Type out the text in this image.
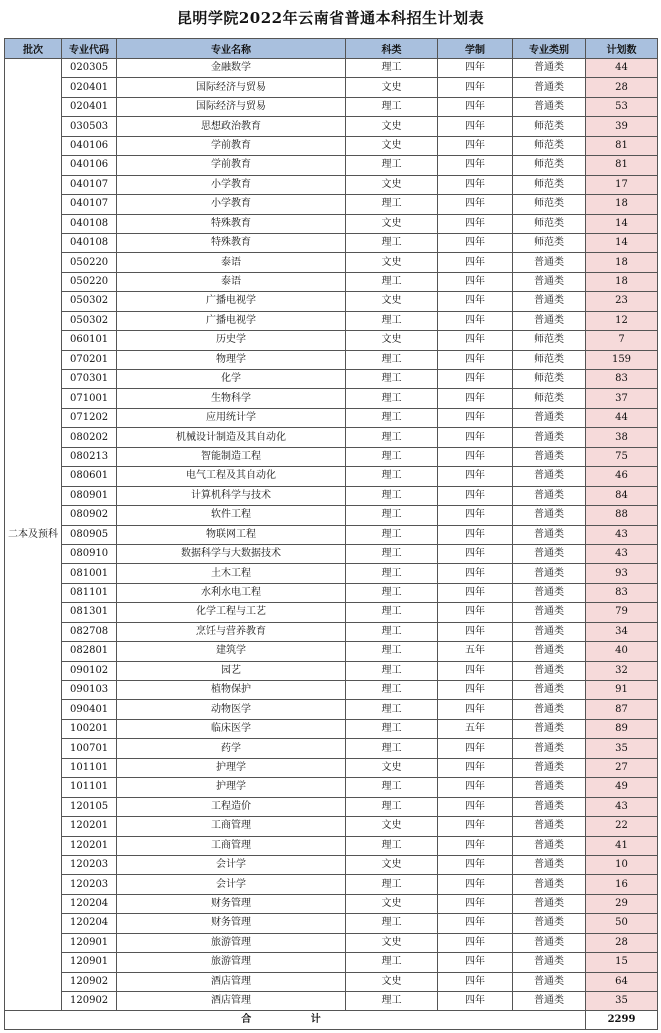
昆明学院2022年云南省普通本科招生计划表
批次	专业代码	专业名称	科类	学制	专业类别	计划数
二本及预科	020305	金融数学	理工	四年	普通类	44
	020401	国际经济与贸易	文史	四年	普通类	28
	020401	国际经济与贸易	理工	四年	普通类	53
	030503	思想政治教育	文史	四年	师范类	39
	040106	学前教育	文史	四年	师范类	81
	040106	学前教育	理工	四年	师范类	81
	040107	小学教育	文史	四年	师范类	17
	040107	小学教育	理工	四年	师范类	18
	040108	特殊教育	文史	四年	师范类	14
	040108	特殊教育	理工	四年	师范类	14
	050220	泰语	文史	四年	普通类	18
	050220	泰语	理工	四年	普通类	18
	050302	广播电视学	文史	四年	普通类	23
	050302	广播电视学	理工	四年	普通类	12
	060101	历史学	文史	四年	师范类	7
	070201	物理学	理工	四年	师范类	159
	070301	化学	理工	四年	师范类	83
	071001	生物科学	理工	四年	师范类	37
	071202	应用统计学	理工	四年	普通类	44
	080202	机械设计制造及其自动化	理工	四年	普通类	38
	080213	智能制造工程	理工	四年	普通类	75
	080601	电气工程及其自动化	理工	四年	普通类	46
	080901	计算机科学与技术	理工	四年	普通类	84
	080902	软件工程	理工	四年	普通类	88
	080905	物联网工程	理工	四年	普通类	43
	080910	数据科学与大数据技术	理工	四年	普通类	43
	081001	土木工程	理工	四年	普通类	93
	081101	水利水电工程	理工	四年	普通类	83
	081301	化学工程与工艺	理工	四年	普通类	79
	082708	烹饪与营养教育	理工	四年	普通类	34
	082801	建筑学	理工	五年	普通类	40
	090102	园艺	理工	四年	普通类	32
	090103	植物保护	理工	四年	普通类	91
	090401	动物医学	理工	四年	普通类	87
	100201	临床医学	理工	五年	普通类	89
	100701	药学	理工	四年	普通类	35
	101101	护理学	文史	四年	普通类	27
	101101	护理学	理工	四年	普通类	49
	120105	工程造价	理工	四年	普通类	43
	120201	工商管理	文史	四年	普通类	22
	120201	工商管理	理工	四年	普通类	41
	120203	会计学	文史	四年	普通类	10
	120203	会计学	理工	四年	普通类	16
	120204	财务管理	文史	四年	普通类	29
	120204	财务管理	理工	四年	普通类	50
	120901	旅游管理	文史	四年	普通类	28
	120901	旅游管理	理工	四年	普通类	15
	120902	酒店管理	文史	四年	普通类	64
	120902	酒店管理	理工	四年	普通类	35
合 计						2299
